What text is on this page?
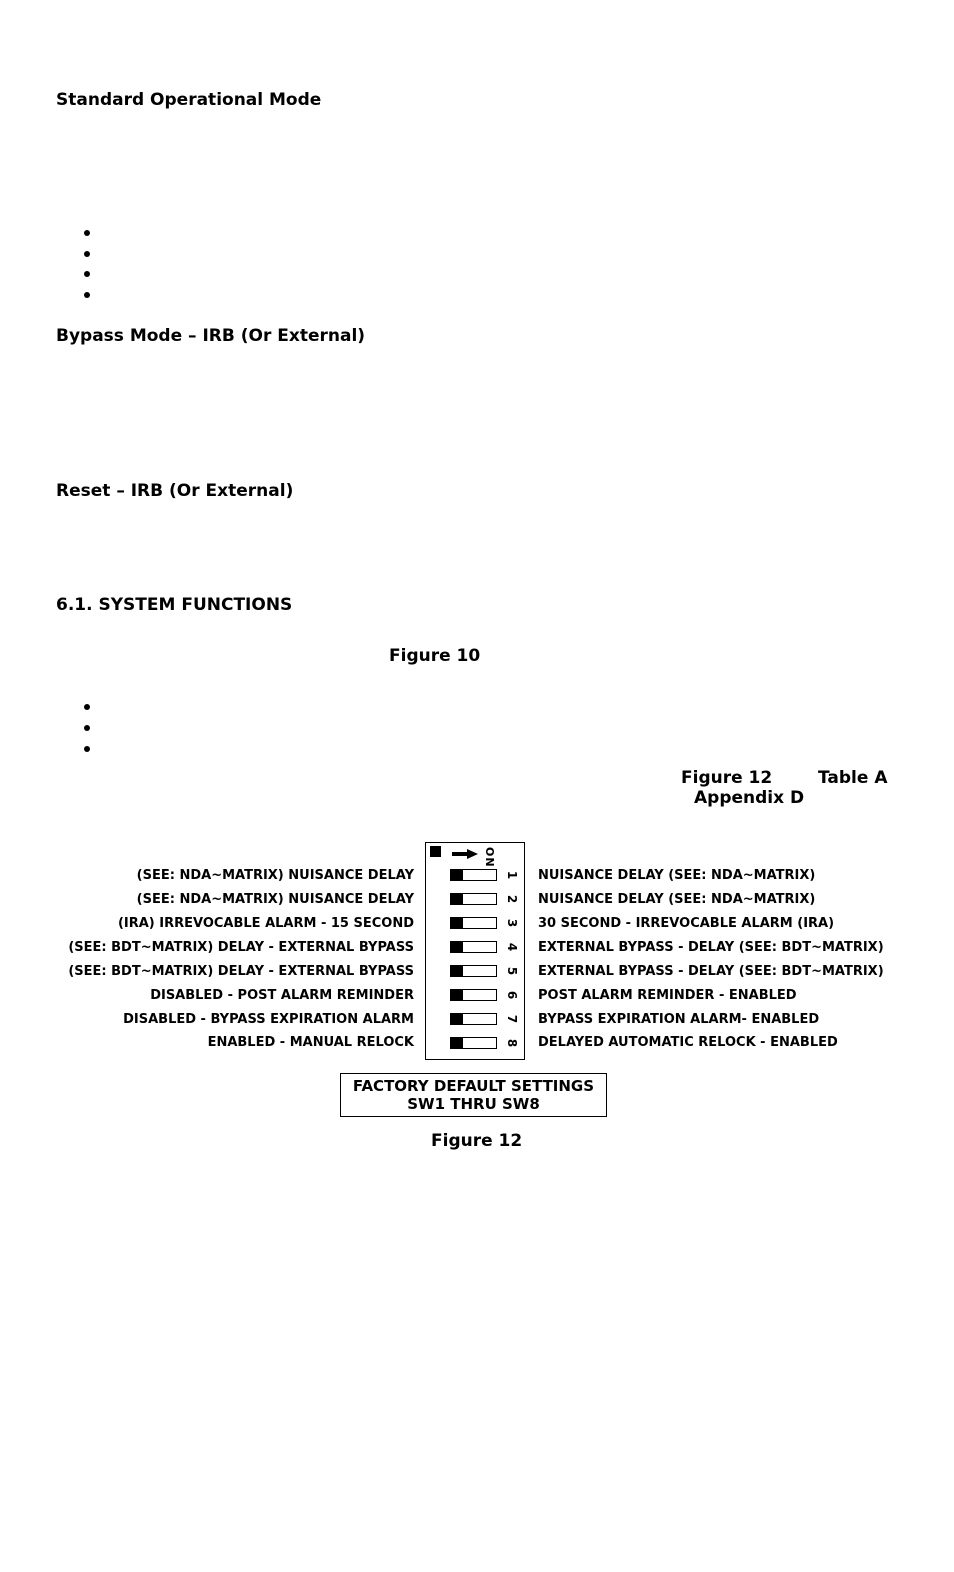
Standard Operational Mode
Bypass Mode – IRB (Or External)
Reset – IRB (Or External)
6.1. SYSTEM FUNCTIONS
Figure 10
Figure 12	Table A
Appendix D
ON
1
2
3
4
5
6
7
8
(SEE: NDA~MATRIX) NUISANCE DELAY
(SEE: NDA~MATRIX) NUISANCE DELAY
(IRA) IRREVOCABLE ALARM - 15 SECOND
(SEE: BDT~MATRIX) DELAY - EXTERNAL BYPASS
(SEE: BDT~MATRIX) DELAY - EXTERNAL BYPASS
DISABLED - POST ALARM REMINDER
DISABLED - BYPASS EXPIRATION ALARM
ENABLED - MANUAL RELOCK
NUISANCE DELAY (SEE: NDA~MATRIX)
NUISANCE DELAY (SEE: NDA~MATRIX)
30 SECOND - IRREVOCABLE ALARM (IRA)
EXTERNAL BYPASS - DELAY (SEE: BDT~MATRIX)
EXTERNAL BYPASS - DELAY (SEE: BDT~MATRIX)
POST ALARM REMINDER - ENABLED
BYPASS EXPIRATION ALARM- ENABLED
DELAYED AUTOMATIC RELOCK - ENABLED
FACTORY DEFAULT SETTINGS
SW1 THRU SW8
Figure 12
